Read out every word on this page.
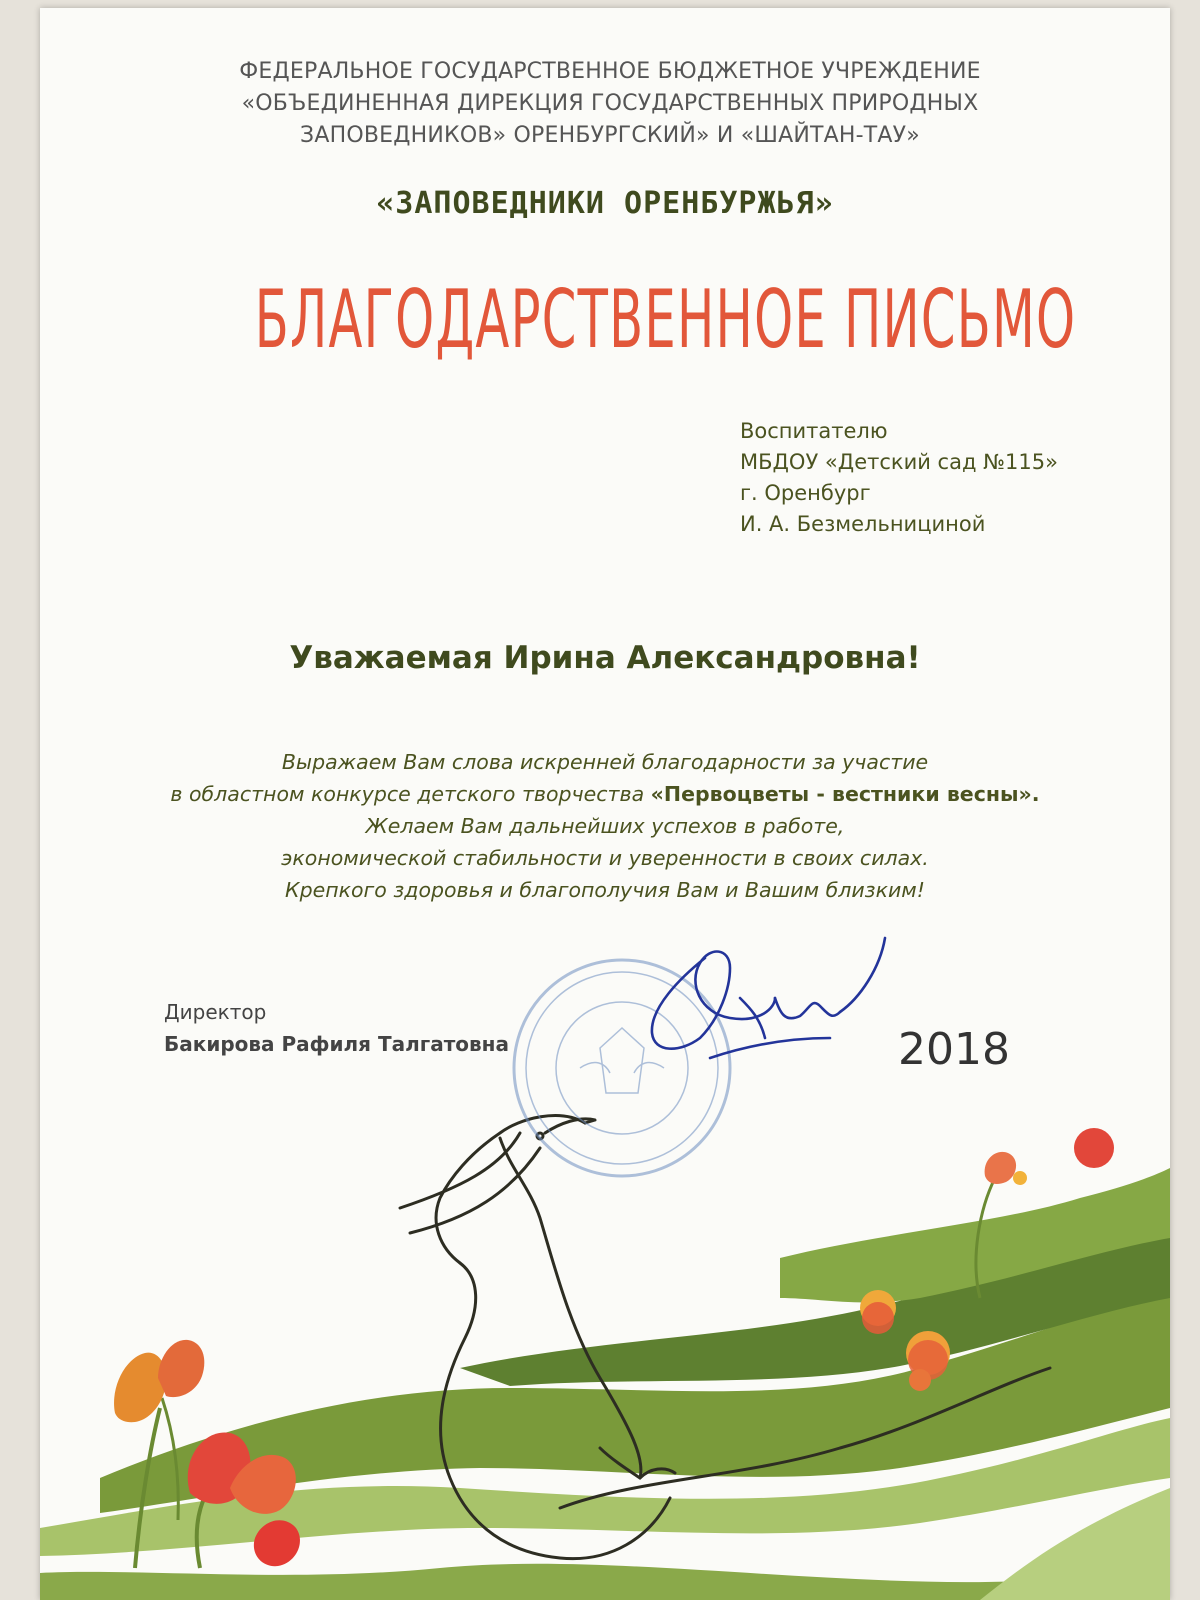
ФЕДЕРАЛЬНОЕ ГОСУДАРСТВЕННОЕ БЮДЖЕТНОЕ УЧРЕЖДЕНИЕ
«ОБЪЕДИНЕННАЯ ДИРЕКЦИЯ ГОСУДАРСТВЕННЫХ ПРИРОДНЫХ
ЗАПОВЕДНИКОВ» ОРЕНБУРГСКИЙ» И «ШАЙТАН-ТАУ»
«ЗАПОВЕДНИКИ ОРЕНБУРЖЬЯ»
БЛАГОДАРСТВЕННОЕ ПИСЬМО
Воспитателю
МБДОУ «Детский сад №115»
г. Оренбург
И. А. Безмельнициной
Уважаемая Ирина Александровна!
Выражаем Вам слова искренней благодарности за участие
в областном конкурсе детского творчества «Первоцветы - вестники весны».
Желаем Вам дальнейших успехов в работе,
экономической стабильности и уверенности в своих силах.
Крепкого здоровья и благополучия Вам и Вашим близким!
Директор
Бакирова Рафиля Талгатовна	2018
